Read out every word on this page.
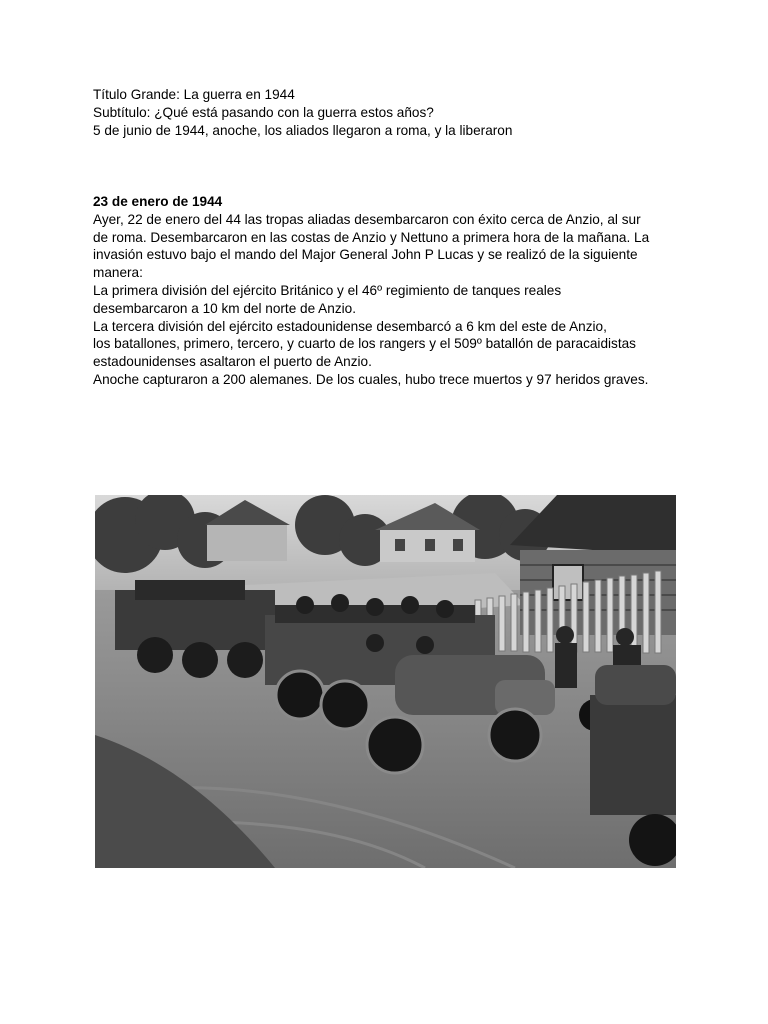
Título Grande: La guerra en 1944
Subtítulo: ¿Qué está pasando con la guerra estos años?
5 de junio de 1944, anoche, los aliados llegaron a roma, y la liberaron
23 de enero de 1944
Ayer, 22 de enero del 44 las tropas aliadas desembarcaron con éxito cerca de Anzio, al sur
de roma. Desembarcaron en las costas de Anzio y Nettuno a primera hora de la mañana. La
invasión estuvo bajo el mando del Major General John P Lucas y se realizó de la siguiente
manera:
La primera división del ejército Británico y el 46º regimiento de tanques reales
desembarcaron a 10 km del norte de Anzio.
La tercera división del ejército estadounidense desembarcó a 6 km del este de Anzio,
los batallones, primero, tercero, y cuarto de los rangers y el 509º batallón de paracaidistas
estadounidenses asaltaron el puerto de Anzio.
Anoche capturaron a 200 alemanes. De los cuales, hubo trece muertos y 97 heridos graves.
